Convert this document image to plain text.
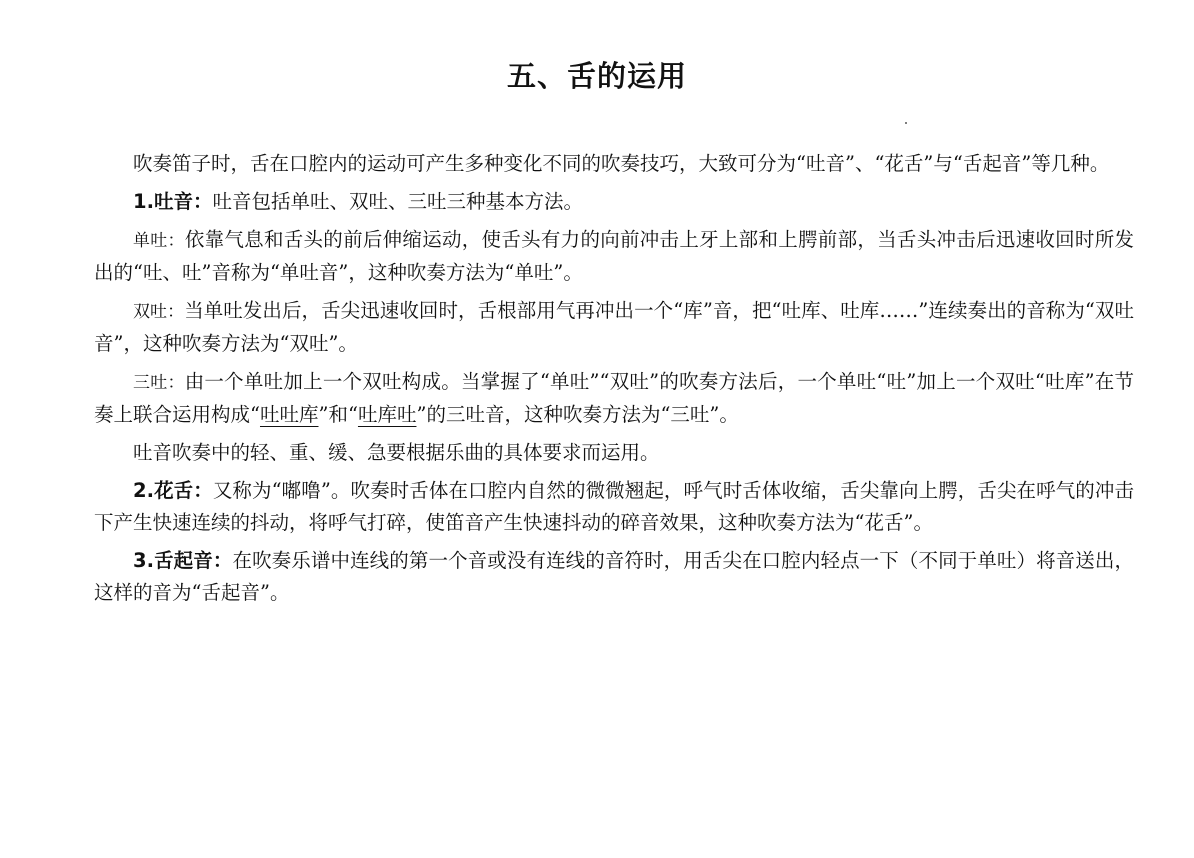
五、舌的运用

吹奏笛子时，舌在口腔内的运动可产生多种变化不同的吹奏技巧，大致可分为“吐音”、“花舌”与“舌起音”等几种。

1.吐音：吐音包括单吐、双吐、三吐三种基本方法。

单吐：依靠气息和舌头的前后伸缩运动，使舌头有力的向前冲击上牙上部和上腭前部，当舌头冲击后迅速收回时所发出的“吐、吐”音称为“单吐音”，这种吹奏方法为“单吐”。

双吐：当单吐发出后，舌尖迅速收回时，舌根部用气再冲出一个“库”音，把“吐库、吐库……”连续奏出的音称为“双吐音”，这种吹奏方法为“双吐”。

三吐：由一个单吐加上一个双吐构成。当掌握了“单吐”“双吐”的吹奏方法后，一个单吐“吐”加上一个双吐“吐库”在节奏上联合运用构成“吐吐库”和“吐库吐”的三吐音，这种吹奏方法为“三吐”。

吐音吹奏中的轻、重、缓、急要根据乐曲的具体要求而运用。

2.花舌：又称为“嘟噜”。吹奏时舌体在口腔内自然的微微翘起，呼气时舌体收缩，舌尖靠向上腭，舌尖在呼气的冲击下产生快速连续的抖动，将呼气打碎，使笛音产生快速抖动的碎音效果，这种吹奏方法为“花舌”。

3.舌起音：在吹奏乐谱中连线的第一个音或没有连线的音符时，用舌尖在口腔内轻点一下（不同于单吐）将音送出，这样的音为“舌起音”。
